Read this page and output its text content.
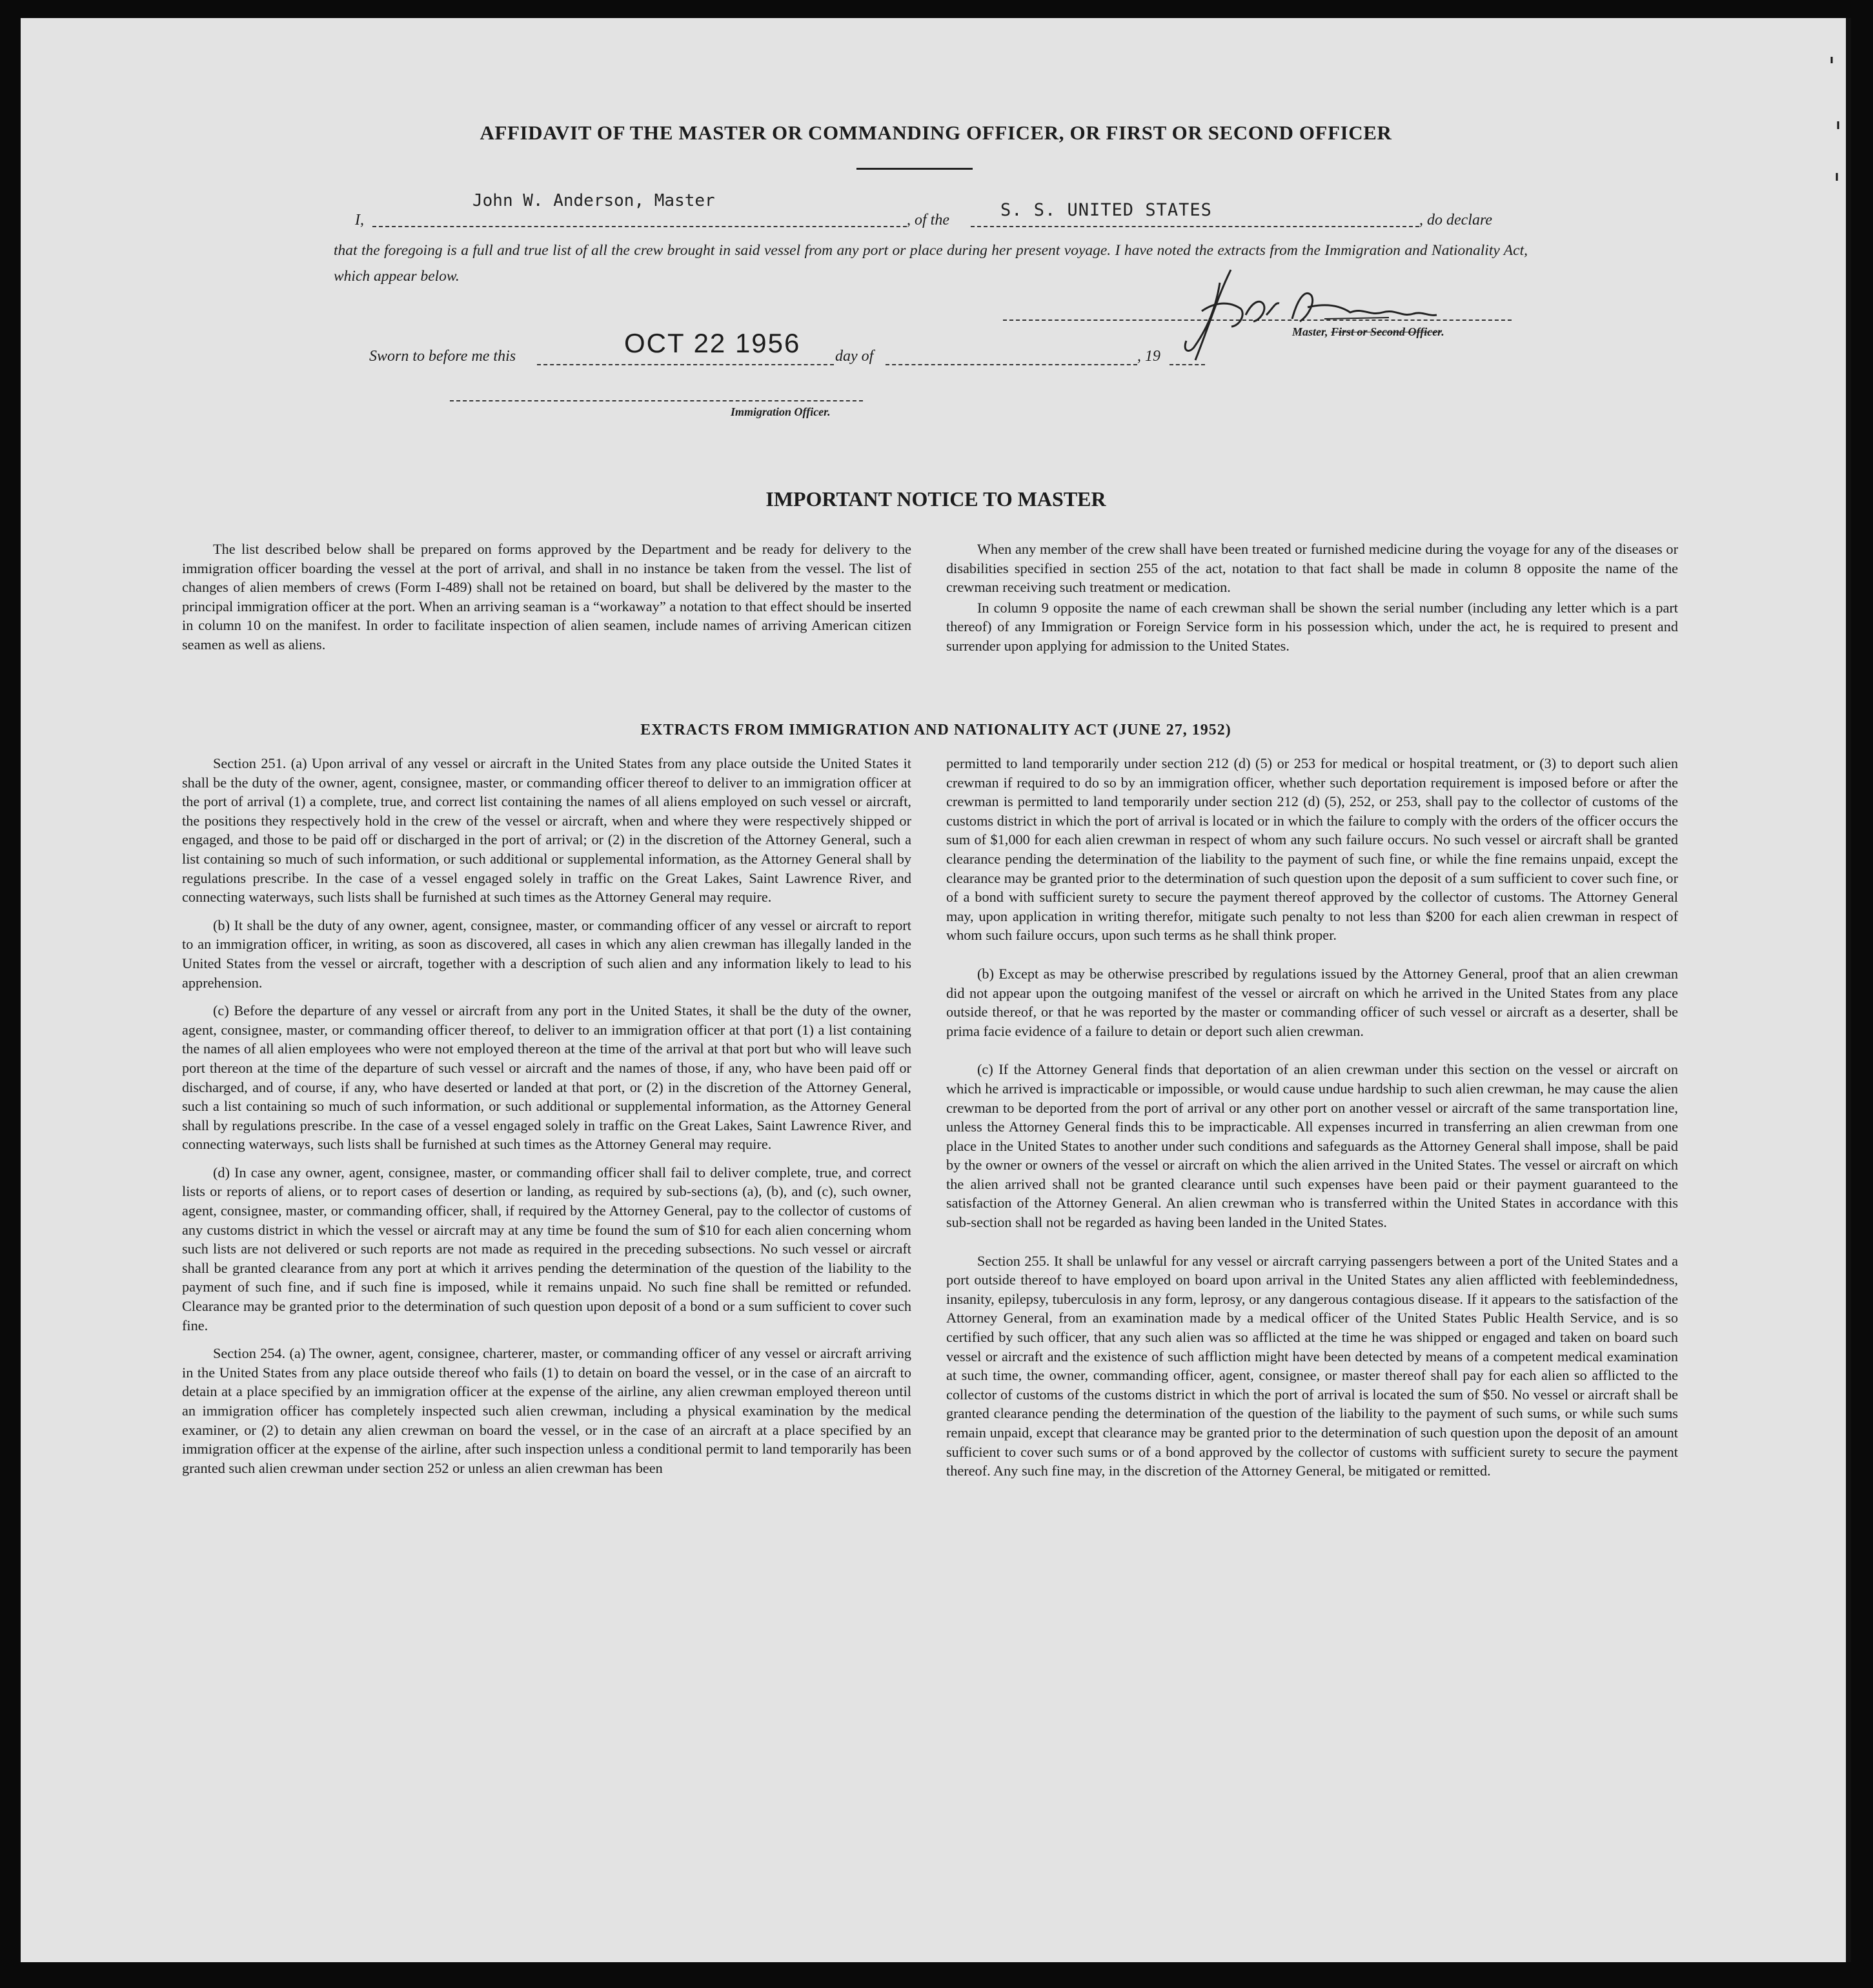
AFFIDAVIT OF THE MASTER OR COMMANDING OFFICER, OR FIRST OR SECOND OFFICER
I,
John W. Anderson, Master
, of the	S. S. UNITED STATES	, do declare
that the foregoing is a full and true list of all the crew brought in said vessel from any port or place during her present voyage. I have noted the extracts from the Immigration and Nationality Act, which appear below.
Master, First or Second Officer.
Sworn to before me this	OCT 22 1956 day of	, 19
Immigration Officer.
IMPORTANT NOTICE TO MASTER

The list described below shall be prepared on forms approved by the Department and be ready for delivery to the immigration officer boarding the vessel at the port of arrival, and shall in no instance be taken from the vessel. The list of changes of alien members of crews (Form I-489) shall not be retained on board, but shall be delivered by the master to the principal immigration officer at the port. When an arriving seaman is a “workaway” a notation to that effect should be inserted in column 10 on the manifest. In order to facilitate inspection of alien seamen, include names of arriving American citizen seamen as well as aliens.

When any member of the crew shall have been treated or furnished medicine during the voyage for any of the diseases or disabilities specified in section 255 of the act, notation to that fact shall be made in column 8 opposite the name of the crewman receiving such treatment or medication.

In column 9 opposite the name of each crewman shall be shown the serial number (including any letter which is a part thereof) of any Immigration or Foreign Service form in his possession which, under the act, he is required to present and surrender upon applying for admission to the United States.

EXTRACTS FROM IMMIGRATION AND NATIONALITY ACT (JUNE 27, 1952)

Section 251. (a) Upon arrival of any vessel or aircraft in the United States from any place outside the United States it shall be the duty of the owner, agent, consignee, master, or commanding officer thereof to deliver to an immigration officer at the port of arrival (1) a complete, true, and correct list containing the names of all aliens employed on such vessel or aircraft, the positions they respectively hold in the crew of the vessel or aircraft, when and where they were respectively shipped or engaged, and those to be paid off or discharged in the port of arrival; or (2) in the discretion of the Attorney General, such a list containing so much of such information, or such additional or supplemental information, as the Attorney General shall by regulations prescribe. In the case of a vessel engaged solely in traffic on the Great Lakes, Saint Lawrence River, and connecting waterways, such lists shall be furnished at such times as the Attorney General may require.

(b) It shall be the duty of any owner, agent, consignee, master, or commanding officer of any vessel or aircraft to report to an immigration officer, in writing, as soon as discovered, all cases in which any alien crewman has illegally landed in the United States from the vessel or aircraft, together with a description of such alien and any information likely to lead to his apprehension.

(c) Before the departure of any vessel or aircraft from any port in the United States, it shall be the duty of the owner, agent, consignee, master, or commanding officer thereof, to deliver to an immigration officer at that port (1) a list containing the names of all alien employees who were not employed thereon at the time of the arrival at that port but who will leave such port thereon at the time of the departure of such vessel or aircraft and the names of those, if any, who have been paid off or discharged, and of course, if any, who have deserted or landed at that port, or (2) in the discretion of the Attorney General, such a list containing so much of such information, or such additional or supplemental information, as the Attorney General shall by regulations prescribe. In the case of a vessel engaged solely in traffic on the Great Lakes, Saint Lawrence River, and connecting waterways, such lists shall be furnished at such times as the Attorney General may require.

(d) In case any owner, agent, consignee, master, or commanding officer shall fail to deliver complete, true, and correct lists or reports of aliens, or to report cases of desertion or landing, as required by sub-sections (a), (b), and (c), such owner, agent, consignee, master, or commanding officer, shall, if required by the Attorney General, pay to the collector of customs of any customs district in which the vessel or aircraft may at any time be found the sum of $10 for each alien concerning whom such lists are not delivered or such reports are not made as required in the preceding subsections. No such vessel or aircraft shall be granted clearance from any port at which it arrives pending the determination of the question of the liability to the payment of such fine, and if such fine is imposed, while it remains unpaid. No such fine shall be remitted or refunded. Clearance may be granted prior to the determination of such question upon deposit of a bond or a sum sufficient to cover such fine.

Section 254. (a) The owner, agent, consignee, charterer, master, or commanding officer of any vessel or aircraft arriving in the United States from any place outside thereof who fails (1) to detain on board the vessel, or in the case of an aircraft to detain at a place specified by an immigration officer at the expense of the airline, any alien crewman employed thereon until an immigration officer has completely inspected such alien crewman, including a physical examination by the medical examiner, or (2) to detain any alien crewman on board the vessel, or in the case of an aircraft at a place specified by an immigration officer at the expense of the airline, after such inspection unless a conditional permit to land temporarily has been granted such alien crewman under section 252 or unless an alien crewman has been

permitted to land temporarily under section 212 (d) (5) or 253 for medical or hospital treatment, or (3) to deport such alien crewman if required to do so by an immigration officer, whether such deportation requirement is imposed before or after the crewman is permitted to land temporarily under section 212 (d) (5), 252, or 253, shall pay to the collector of customs of the customs district in which the port of arrival is located or in which the failure to comply with the orders of the officer occurs the sum of $1,000 for each alien crewman in respect of whom any such failure occurs. No such vessel or aircraft shall be granted clearance pending the determination of the liability to the payment of such fine, or while the fine remains unpaid, except the clearance may be granted prior to the determination of such question upon the deposit of a sum sufficient to cover such fine, or of a bond with sufficient surety to secure the payment thereof approved by the collector of customs. The Attorney General may, upon application in writing therefor, mitigate such penalty to not less than $200 for each alien crewman in respect of whom such failure occurs, upon such terms as he shall think proper.

(b) Except as may be otherwise prescribed by regulations issued by the Attorney General, proof that an alien crewman did not appear upon the outgoing manifest of the vessel or aircraft on which he arrived in the United States from any place outside thereof, or that he was reported by the master or commanding officer of such vessel or aircraft as a deserter, shall be prima facie evidence of a failure to detain or deport such alien crewman.

(c) If the Attorney General finds that deportation of an alien crewman under this section on the vessel or aircraft on which he arrived is impracticable or impossible, or would cause undue hardship to such alien crewman, he may cause the alien crewman to be deported from the port of arrival or any other port on another vessel or aircraft of the same transportation line, unless the Attorney General finds this to be impracticable. All expenses incurred in transferring an alien crewman from one place in the United States to another under such conditions and safeguards as the Attorney General shall impose, shall be paid by the owner or owners of the vessel or aircraft on which the alien arrived in the United States. The vessel or aircraft on which the alien arrived shall not be granted clearance until such expenses have been paid or their payment guaranteed to the satisfaction of the Attorney General. An alien crewman who is transferred within the United States in accordance with this sub-section shall not be regarded as having been landed in the United States.

Section 255. It shall be unlawful for any vessel or aircraft carrying passengers between a port of the United States and a port outside thereof to have employed on board upon arrival in the United States any alien afflicted with feeblemindedness, insanity, epilepsy, tuberculosis in any form, leprosy, or any dangerous contagious disease. If it appears to the satisfaction of the Attorney General, from an examination made by a medical officer of the United States Public Health Service, and is so certified by such officer, that any such alien was so afflicted at the time he was shipped or engaged and taken on board such vessel or aircraft and the existence of such affliction might have been detected by means of a competent medical examination at such time, the owner, commanding officer, agent, consignee, or master thereof shall pay for each alien so afflicted to the collector of customs of the customs district in which the port of arrival is located the sum of $50. No vessel or aircraft shall be granted clearance pending the determination of the question of the liability to the payment of such sums, or while such sums remain unpaid, except that clearance may be granted prior to the determination of such question upon the deposit of an amount sufficient to cover such sums or of a bond approved by the collector of customs with sufficient surety to secure the payment thereof. Any such fine may, in the discretion of the Attorney General, be mitigated or remitted.
